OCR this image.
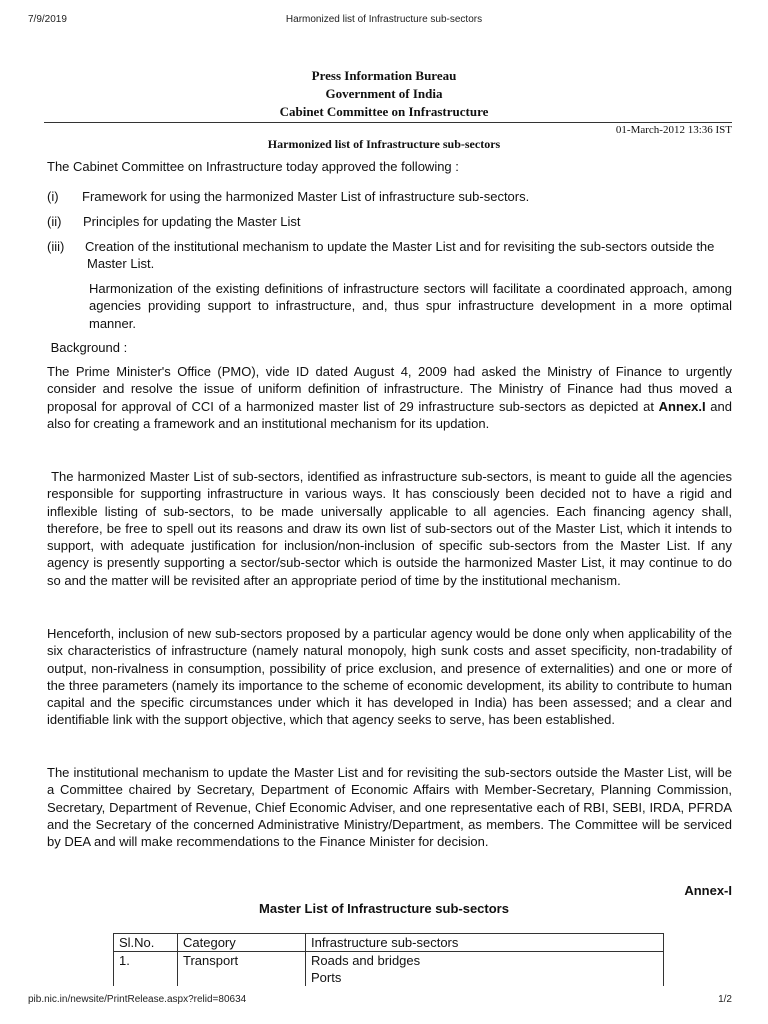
7/9/2019	Harmonized list of Infrastructure sub-sectors
Press Information Bureau
Government of India
Cabinet Committee on Infrastructure
01-March-2012 13:36 IST
Harmonized list of Infrastructure sub-sectors

The Cabinet Committee on Infrastructure today approved the following :

(i)	Framework for using the harmonized Master List of infrastructure sub-sectors.
(ii)	Principles for updating the Master List
(iii)	Creation of the institutional mechanism to update the Master List and for revisiting the sub-sectors outside the Master List.

Harmonization of the existing definitions of infrastructure sectors will facilitate a coordinated approach, among agencies providing support to infrastructure, and, thus spur infrastructure development in a more optimal manner.

Background :

The Prime Minister's Office (PMO), vide ID dated August 4, 2009 had asked the Ministry of Finance to urgently consider and resolve the issue of uniform definition of infrastructure. The Ministry of Finance had thus moved a proposal for approval of CCI of a harmonized master list of 29 infrastructure sub-sectors as depicted at Annex.I and also for creating a framework and an institutional mechanism for its updation.

The harmonized Master List of sub-sectors, identified as infrastructure sub-sectors, is meant to guide all the agencies responsible for supporting infrastructure in various ways. It has consciously been decided not to have a rigid and inflexible listing of sub-sectors, to be made universally applicable to all agencies. Each financing agency shall, therefore, be free to spell out its reasons and draw its own list of sub-sectors out of the Master List, which it intends to support, with adequate justification for inclusion/non-inclusion of specific sub-sectors from the Master List. If any agency is presently supporting a sector/sub-sector which is outside the harmonized Master List, it may continue to do so and the matter will be revisited after an appropriate period of time by the institutional mechanism.

Henceforth, inclusion of new sub-sectors proposed by a particular agency would be done only when applicability of the six characteristics of infrastructure (namely natural monopoly, high sunk costs and asset specificity, non-tradability of output, non-rivalness in consumption, possibility of price exclusion, and presence of externalities) and one or more of the three parameters (namely its importance to the scheme of economic development, its ability to contribute to human capital and the specific circumstances under which it has developed in India) has been assessed; and a clear and identifiable link with the support objective, which that agency seeks to serve, has been established.

The institutional mechanism to update the Master List and for revisiting the sub-sectors outside the Master List, will be a Committee chaired by Secretary, Department of Economic Affairs with Member-Secretary, Planning Commission, Secretary, Department of Revenue, Chief Economic Adviser, and one representative each of RBI, SEBI, IRDA, PFRDA and the Secretary of the concerned Administrative Ministry/Department, as members. The Committee will be serviced by DEA and will make recommendations to the Finance Minister for decision.

Annex-I
Master List of Infrastructure sub-sectors
Sl.No.	Category	Infrastructure sub-sectors
1.	Transport	Roads and bridges
Ports
pib.nic.in/newsite/PrintRelease.aspx?relid=80634	1/2
